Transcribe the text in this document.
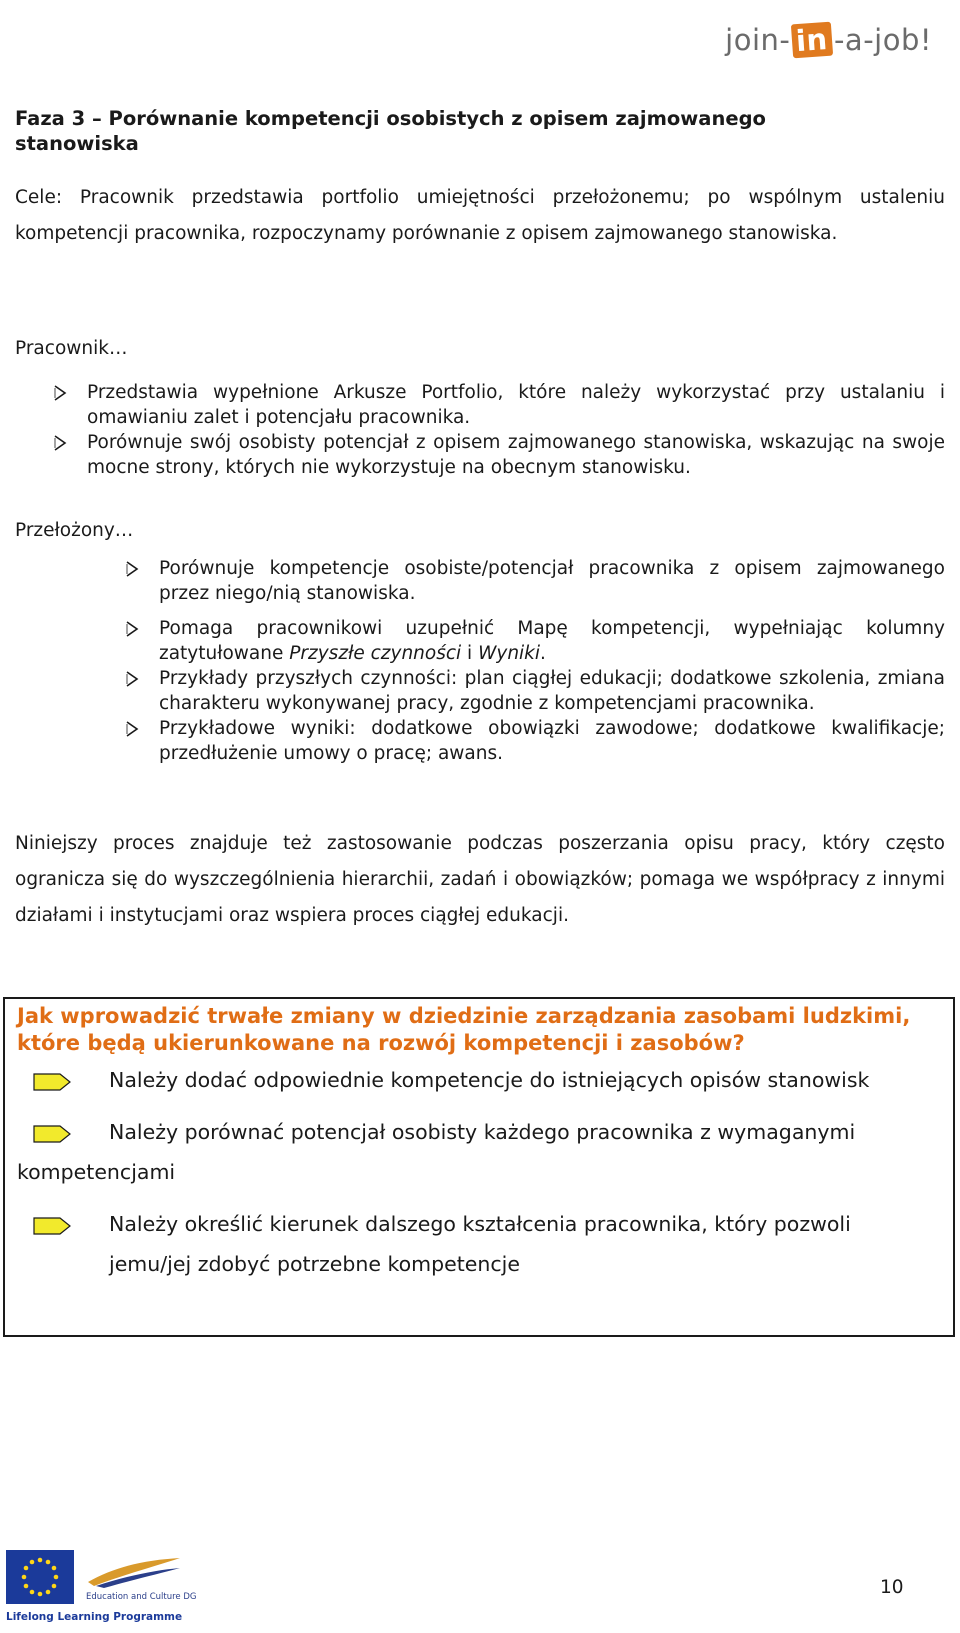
join- in -a-job!
Faza 3 – Porównanie kompetencji osobistych z opisem zajmowanego stanowiska
Cele: Pracownik przedstawia portfolio umiejętności przełożonemu; po wspólnym ustaleniu kompetencji pracownika, rozpoczynamy porównanie z opisem zajmowanego stanowiska.
Pracownik…
Przedstawia wypełnione Arkusze Portfolio, które należy wykorzystać przy ustalaniu i omawianiu zalet i potencjału pracownika.
Porównuje swój osobisty potencjał z opisem zajmowanego stanowiska, wskazując na swoje mocne strony, których nie wykorzystuje na obecnym stanowisku.
Przełożony…
Porównuje kompetencje osobiste/potencjał pracownika z opisem zajmowanego przez niego/nią stanowiska.
Pomaga pracownikowi uzupełnić Mapę kompetencji, wypełniając kolumny zatytułowane Przyszłe czynności i Wyniki.
Przykłady przyszłych czynności: plan ciągłej edukacji; dodatkowe szkolenia, zmiana charakteru wykonywanej pracy, zgodnie z kompetencjami pracownika.
Przykładowe wyniki: dodatkowe obowiązki zawodowe; dodatkowe kwalifikacje; przedłużenie umowy o pracę; awans.
Niniejszy proces znajduje też zastosowanie podczas poszerzania opisu pracy, który często ogranicza się do wyszczególnienia hierarchii, zadań i obowiązków; pomaga we współpracy z innymi działami i instytucjami oraz wspiera proces ciągłej edukacji.
Jak wprowadzić trwałe zmiany w dziedzinie zarządzania zasobami ludzkimi, które będą ukierunkowane na rozwój kompetencji i zasobów?
Należy dodać odpowiednie kompetencje do istniejących opisów stanowisk
Należy porównać potencjał osobisty każdego pracownika z wymaganymi kompetencjami
Należy określić kierunek dalszego kształcenia pracownika, który pozwoli jemu/jej zdobyć potrzebne kompetencje
Education and Culture DG
Lifelong Learning Programme
10
